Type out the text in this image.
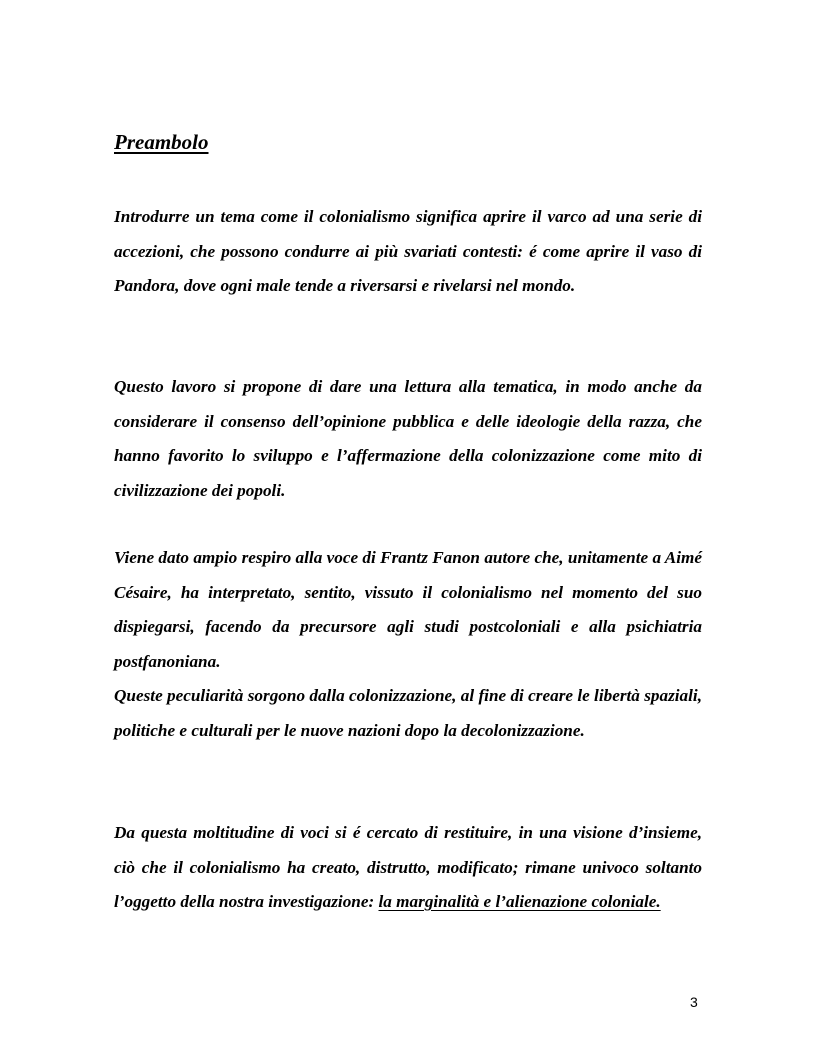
Preambolo

Introdurre un tema come il colonialismo significa aprire il varco ad una serie di accezioni, che possono condurre ai più svariati contesti: é come aprire il vaso di Pandora, dove ogni male tende a riversarsi e rivelarsi nel mondo.

Questo lavoro si propone di dare una lettura alla tematica, in modo anche da considerare il consenso dell’opinione pubblica e delle ideologie della razza, che hanno favorito lo sviluppo e l’affermazione della colonizzazione come mito di civilizzazione dei popoli.

Viene dato ampio respiro alla voce di Frantz Fanon autore che, unitamente a Aimé Césaire, ha interpretato, sentito, vissuto il colonialismo nel momento del suo dispiegarsi, facendo da precursore agli studi postcoloniali e alla psichiatria postfanoniana.

Queste peculiarità sorgono dalla colonizzazione, al fine di creare le libertà spaziali, politiche e culturali per le nuove nazioni dopo la decolonizzazione.

Da questa moltitudine di voci si é cercato di restituire, in una visione d’insieme, ciò che il colonialismo ha creato, distrutto, modificato; rimane univoco soltanto l’oggetto della nostra investigazione: la marginalità e l’alienazione coloniale.

3
